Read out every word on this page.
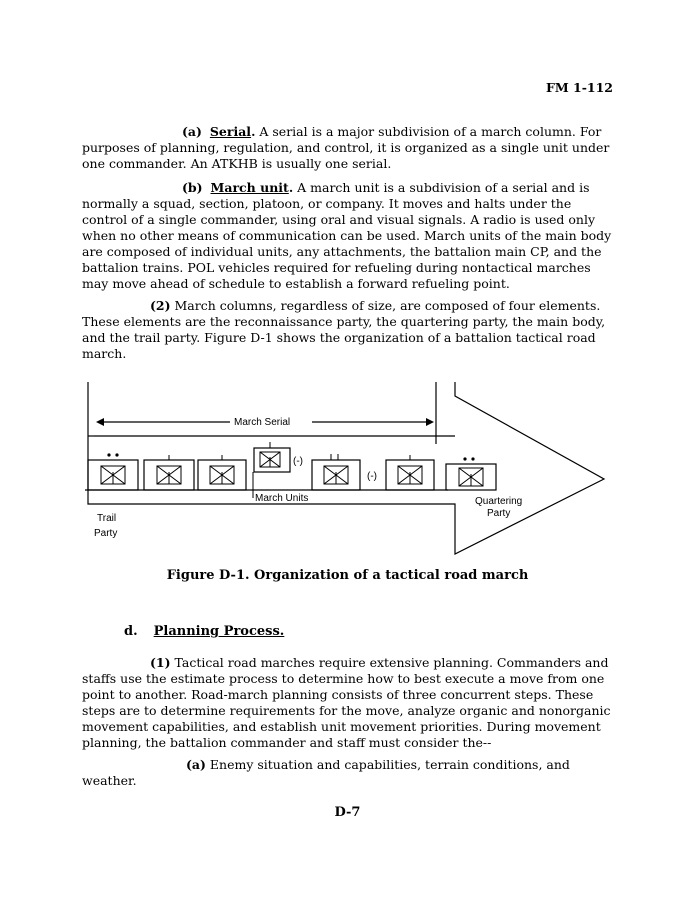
FM 1-112

(a) Serial. A serial is a major subdivision of a march column. For purposes of planning, regulation, and control, it is organized as a single unit under one commander. An ATKHB is usually one serial.

(b) March unit. A march unit is a subdivision of a serial and is normally a squad, section, platoon, or company. It moves and halts under the control of a single commander, using oral and visual signals. A radio is used only when no other means of communication can be used. March units of the main body are composed of individual units, any attachments, the battalion main CP, and the battalion trains. POL vehicles required for refueling during nontactical marches may move ahead of schedule to establish a forward refueling point.

(2) March columns, regardless of size, are composed of four elements. These elements are the reconnaissance party, the quartering party, the main body, and the trail party. Figure D-1 shows the organization of a battalion tactical road march.

March Serial
(-)
March Units
(-)
Trail
Party
Quartering
Party
Figure D-1. Organization of a tactical road march
d. Planning Process.

(1) Tactical road marches require extensive planning. Commanders and staffs use the estimate process to determine how to best execute a move from one point to another. Road-march planning consists of three concurrent steps. These steps are to determine requirements for the move, analyze organic and nonorganic movement capabilities, and establish unit movement priorities. During movement planning, the battalion commander and staff must consider the--

(a) Enemy situation and capabilities, terrain conditions, and weather.

D-7
